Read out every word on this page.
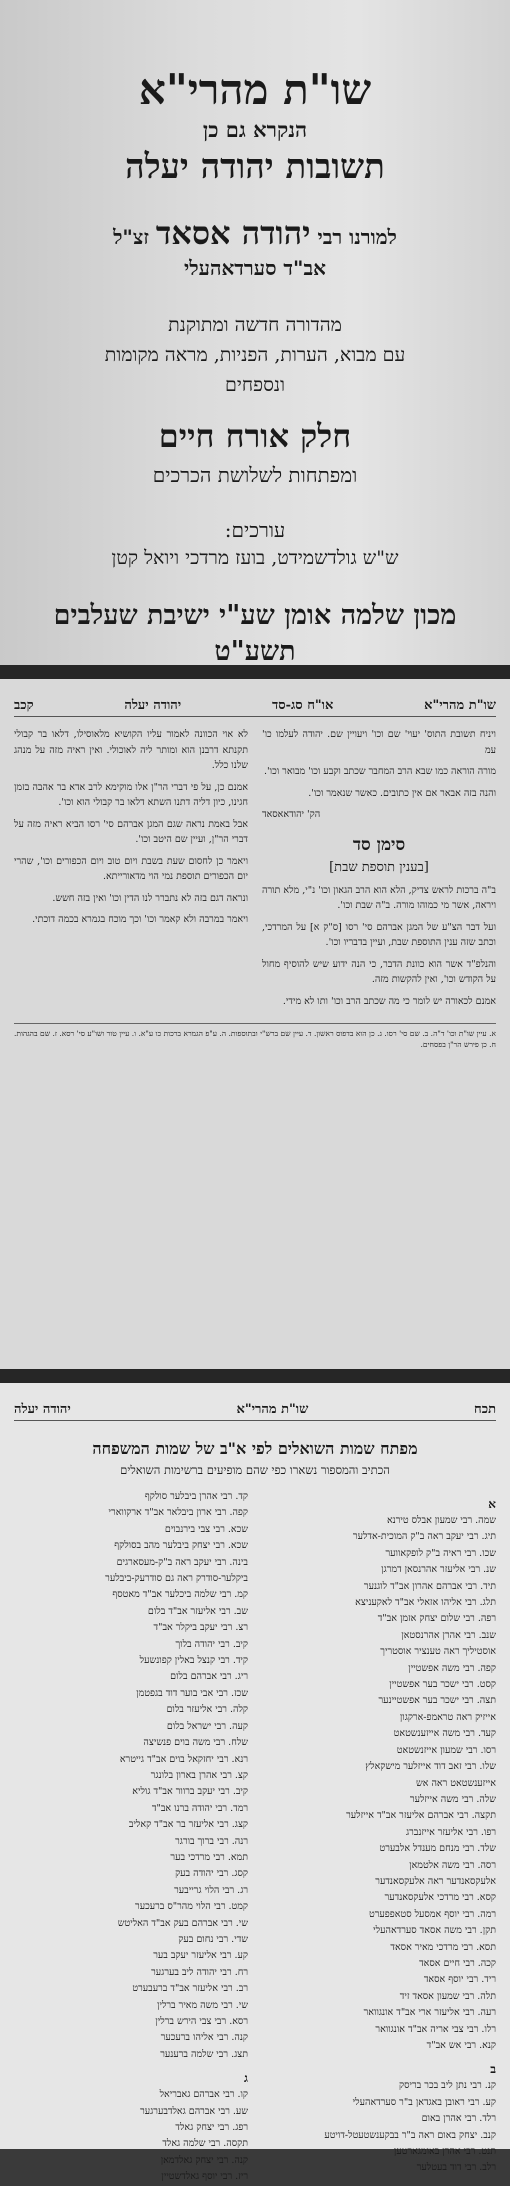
שו"ת מהרי"א
הנקרא גם כן
תשובות יהודה יעלה
למורנו רבי יהודה אסאד זצ"ל
אב"ד סערדאהעלי
מהדורה חדשה ומתוקנת
עם מבוא, הערות, הפניות, מראה מקומות
ונספחים
חלק אורח חיים
ומפתחות לשלושת הכרכים
עורכים:
ש"ש גולדשמידט, בועז מרדכי ויואל קטן
מכון שלמה אומן שע"י ישיבת שעלבים
תשע"ט
שו"ת מהרי"א
או"ח סג-סד
יהודה יעלה
קכב

ויניח תשובת התוס' יעוי' שם וכו' ויעויין שם. יהודה לעלמו כו' עמ

מורה הוראה כמו שבא הרב המחבר שכתב וקבע וכו' מבואר וכו'.

והנה בזה אבאר אם אין כתובים. כאשר שנאמר וכו'.

הק' יהודאאסאד

סימן סד
[בענין תוספת שבת]

ב"ה ברכות לראש צדיק, הלא הוא הרב הגאון וכו' נ"י, מלא תורה ויראה, אשר מי כמוהו מורה. ב"ה שבת וכו'.

ועל דבר הצ"ע של המגן אברהם סי' רסו [ס"ק א] על המרדכי, וכתב שזה ענין התוספת שבת, ועיין בדבריו וכו'.

והנלפ"ד אשר הוא כוונת הדבר, כי הנה ידוע שיש להוסיף מחול על הקודש וכו', ואין להקשות מזה.

אמנם לכאורה יש לומר כי מה שכתב הרב וכו' ותו לא מידי.

לא אוי הכוונה לאמור עליו הקושיא מלאוסילו, דלאו בר קבולי תקנתא דרבנן הוא ומותר ליה לאוכולי. ואין ראיה מזה על מנהג שלנו כלל.

אמנם כן, על פי דברי הר"ן אלו מוקימא לרב אדא בר אהבה בזמן חגינו, כיון דליה דתנו השתא דלאו בר קבולי הוא וכו'.

אבל באמת נראה שגם המגן אברהם סי' רסו הביא ראיה מזה על דברי הר"ן, ועיין שם היטב וכו'.

ויאמר כן לחסום שעת בשבת ויום טוב ויום הכפורים וכו', שהרי יום הכפורים תוספת נמי הוי מדאורייתא.

ונראה דגם בזה לא נתברר לנו הדין וכו' ואין בזה חשש.

ויאמר במרבה ולא קאמר וכו' וכך מוכח בגמרא בכמה דוכתי.

א. עיין שו"ת וכו' ד"ה. ב. שם סי' רסו. ג. כן הוא בדפוס ראשון. ד. עיין שם ברש"י ובתוספות. ה. ע"פ הגמרא ברכות כו ע"א. ו. עיין טור ושו"ע סי' רסא. ז. שם בהגהות. ח. כן פירש הר"ן בפסחים.
תכח
שו"ת מהרי"א
יהודה יעלה
מפתח שמות השואלים לפי א"ב של שמות המשפחה
הכתיב והמספור נשארו כפי שהם מופיעים ברשימות השואלים
א
שמה. רבי שמעון אבלס טירנא
תיג. רבי יעקב ראה ב"ק המוכית-אדלער
שכו. רבי ראיה ב"ק לופקאווער
שנ. רבי אליעזר אהרנסאן דמרגן
תיד. רבי אברהם אהרון אב"ד לוגנער
תלג. רבי אליהו אזאלי אב"ד לאקעניצא
רפה. רבי שלום יצחק אזמן אב"ד
שנב. רבי אהרן אהרנסטאן
אוסטיליך ראה טענציר אוסטריך
קפה. רבי משה אפשטיין
קסט. רבי ישכר בער אפשטיין
תצה. רבי ישכר בער אפשטיינער
אייזיק ראה טראמפ-ארקגון
קעד. רבי משה אייזענשטאט
רסו. רבי שמעון אייזנשטאט
שלו. רבי זאב דוד אייזלער מישקאלץ
אייזענשטאט ראה אש
שלה. רבי משה אייזלער
תקצה. רבי אברהם אליעזר אב"ד אייזלער
רפו. רבי אליעזר אייזנברג
שלד. רבי מנחם מענדל אלבערט
רסה. רבי משה אלטמאן
אלעקסאנדער ראה אלעקסאנדער
קסא. רבי מרדכי אלעקסאנדער
רמה. רבי יוסף אמסעל סטאפפערט
תקן. רבי משה אסאד סערדאהעלי
תסא. רבי מרדכי מאיר אסאד
קכה. רבי חיים אסאד
ריד. רבי יוסף אסאד
תלה. רבי שמעון אסאד זיד
רעה. רבי אליעזר ארי אב"ד אונגוואר
רלו. רבי צבי אריה אב"ד אונגוואר
קנא. רבי אש אב"ד
ב
קנ. רבי נתן ליב בכר בריסק
קע. רבי ראובן באגדאן ב"ר סערדאהעלי
רלד. רבי אהרן באום
קנב. יצחק באום ראה ב"ר בבקענשטעטל-דויטע
תנט. רבי אהרן באומגארטען
רלב. רבי דוד בעטלער
קד. רבי אהרן ביבלער סולקף
קפה. רבי ארון ביבלאר אב"ד ארקווארי
שכא. רבי צבי בירנבוים
שכא. רבי יצחק ביבלער מהב בסולקף
בינה. רבי יעקב ראה ב"ק-מעסארגים
ביקלער-סודרק ראה גם סודרעק-ביבלער
קמ. רבי שלמה ביכלער אב"ד מאטסף
שב. רבי אליעזר אב"ד בלום
רצ. רבי יעקב ביקלר אב"ד
קיב. רבי יהודה בלוך
קיד. רבי קנצל באלין קפונשעל
ריג. רבי אברהם בלום
שכז. רבי אבי בוער דוד בגפטמן
קלה. רבי אליעזר בלום
קעה. רבי ישראל בלום
שלח. רבי משה בוים פנשיצה
רנא. רבי יחזקאל בוים אב"ד גייטרא
קצ. רבי אהרן בארון בלונגר
קיב. רבי יעקב ברוור אב"ד גוליא
רמד. רבי יהודה ברנו אב"ד
קצג. רבי אליעזר בר אב"ד קאליב
רנה. רבי ברוך בורגר
תמא. רבי מרדכי בער
קסג. רבי יהודה בעק
רג. רבי הלוי גרייבער
קמט. רבי הלוי מהר"ס ברעכער
שי. רבי אברהם בעק אב"ד האליטש
שדי. רבי נחום בעק
קע. רבי אליעזר יעקב בער
רח. רבי יהודה ליב בערגער
רב. רבי אליעזר אב"ד ברעבערט
שי. רבי משה מאיר ברלין
רסא. רבי צבי הירש ברלין
קנה. רבי אליהו ברעכער
תצג. רבי שלמה ברענער
ג
קו. רבי אברהם גאבריאל
שע. רבי אברהם גאלדבערגער
רפג. רבי יצחק גאלד
תקסה. רבי שלמה גאלד
קנה. רבי יצחק גאלדמאן
ריז. רבי יוסף גאלדשטיין
